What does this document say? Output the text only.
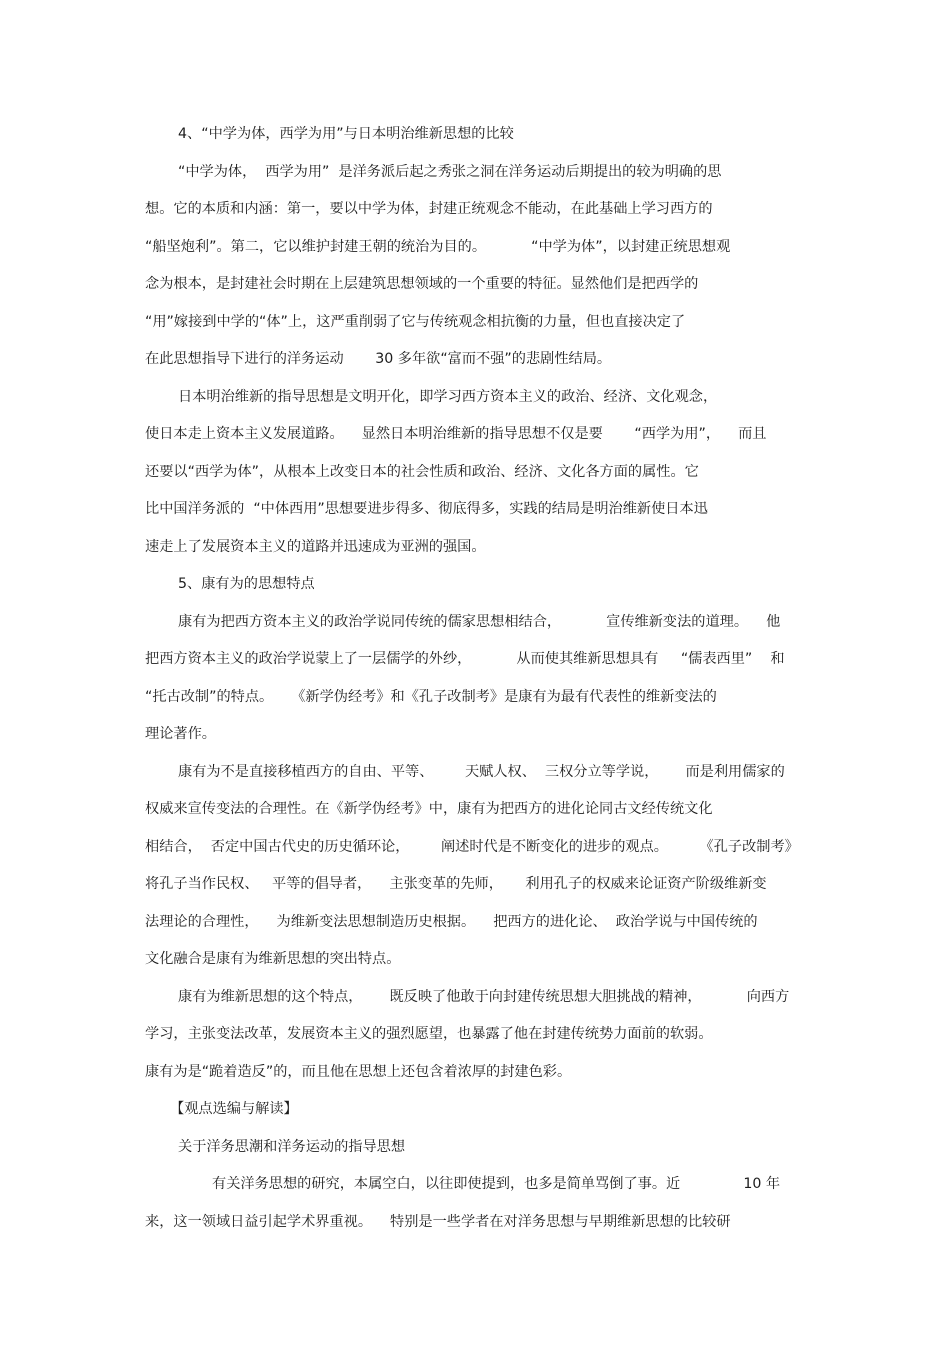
4、“中学为体，西学为用”与日本明治维新思想的比较

“中学为体，  西学为用”  是洋务派后起之秀张之洞在洋务运动后期提出的较为明确的思

想。它的本质和内涵：第一，要以中学为体，封建正统观念不能动，在此基础上学习西方的

“船坚炮利”。第二，它以维护封建王朝的统治为目的。          “中学为体”，以封建正统思想观

念为根本，是封建社会时期在上层建筑思想领域的一个重要的特征。显然他们是把西学的

“用”嫁接到中学的“体”上，这严重削弱了它与传统观念相抗衡的力量，但也直接决定了

在此思想指导下进行的洋务运动       30 多年欲“富而不强”的悲剧性结局。

日本明治维新的指导思想是文明开化，即学习西方资本主义的政治、经济、文化观念，

使日本走上资本主义发展道路。    显然日本明治维新的指导思想不仅是要       “西学为用”，    而且

还要以“西学为体”，从根本上改变日本的社会性质和政治、经济、文化各方面的属性。它

比中国洋务派的  “中体西用”思想要进步得多、彻底得多，实践的结局是明治维新使日本迅

速走上了发展资本主义的道路并迅速成为亚洲的强国。

5、康有为的思想特点

康有为把西方资本主义的政治学说同传统的儒家思想相结合，          宣传维新变法的道理。    他

把西方资本主义的政治学说蒙上了一层儒学的外纱，          从而使其维新思想具有     “儒表西里”    和

“托古改制”的特点。    《新学伪经考》和《孔子改制考》是康有为最有代表性的维新变法的

理论著作。

康有为不是直接移植西方的自由、平等、       天赋人权、  三权分立等学说，      而是利用儒家的

权威来宣传变法的合理性。在《新学伪经考》中，康有为把西方的进化论同古文经传统文化

相结合，  否定中国古代史的历史循环论，       阐述时代是不断变化的进步的观点。       《孔子改制考》

将孔子当作民权、   平等的倡导者，    主张变革的先师，     利用孔子的权威来论证资产阶级维新变

法理论的合理性，    为维新变法思想制造历史根据。    把西方的进化论、  政治学说与中国传统的

文化融合是康有为维新思想的突出特点。

康有为维新思想的这个特点，      既反映了他敢于向封建传统思想大胆挑战的精神，          向西方

学习，主张变法改革，发展资本主义的强烈愿望，也暴露了他在封建传统势力面前的软弱。

康有为是“跪着造反”的，而且他在思想上还包含着浓厚的封建色彩。

【观点选编与解读】

关于洋务思潮和洋务运动的指导思想

有关洋务思想的研究，本属空白，以往即使提到，也多是简单骂倒了事。近              10 年

来，这一领域日益引起学术界重视。    特别是一些学者在对洋务思想与早期维新思想的比较研
